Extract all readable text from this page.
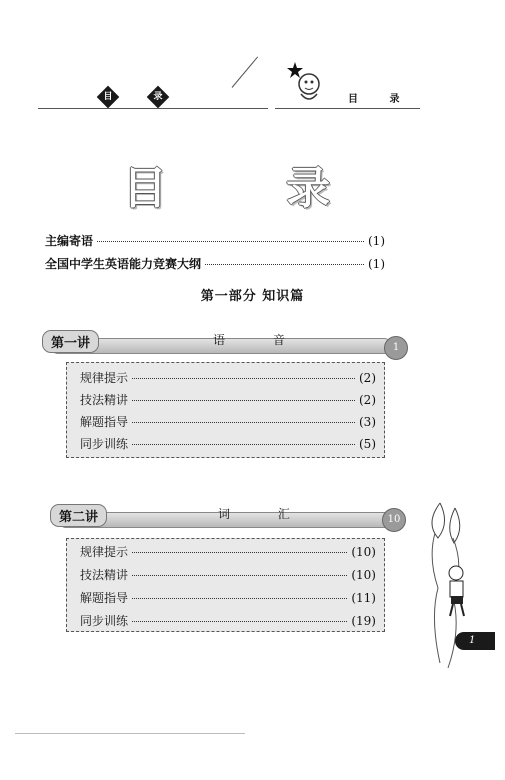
目	录	目 录
目 录
主编寄语	(1)
全国中学生英语能力竞赛大纲	(1)
第一部分 知识篇
第一讲	语 音
1
规律提示	(2)
技法精讲	(2)
解题指导	(3)
同步训练	(5)
第二讲	词 汇	10
规律提示	(10)
技法精讲	(10)
解题指导	(11)
同步训练	(19)
1
